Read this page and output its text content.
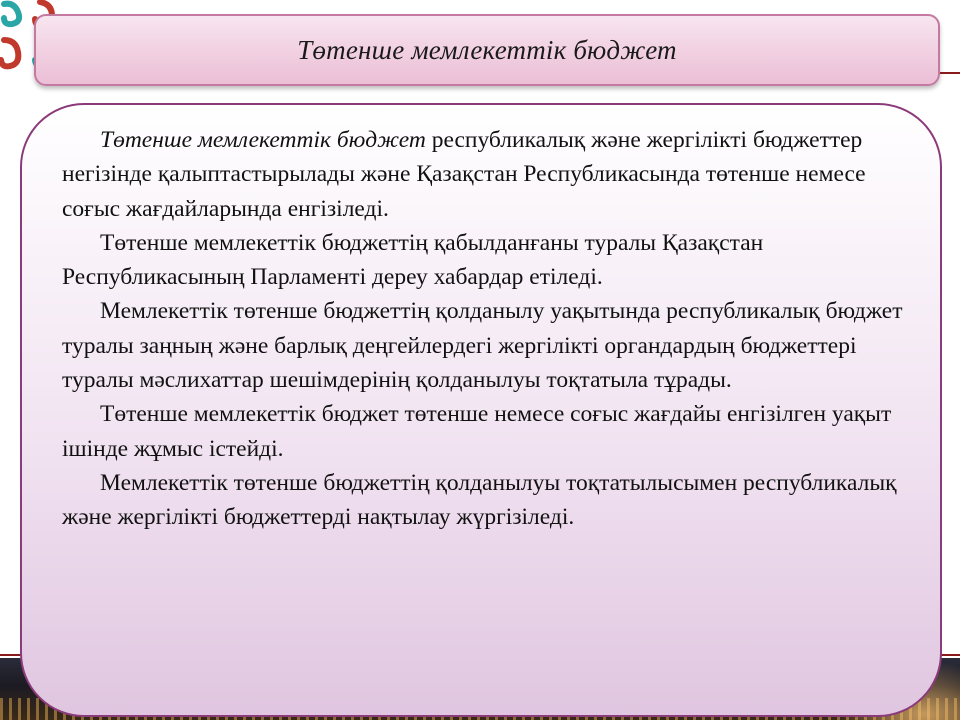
Төтенше мемлекеттік бюджет

Төтенше мемлекеттік бюджет республикалық және жергілікті бюджеттер негізінде қалыптастырылады және Қазақстан Республикасында төтенше немесе соғыс жағдайларында енгізіледі.

Төтенше мемлекеттік бюджеттің қабылданғаны туралы Қазақстан Республикасының Парламенті дереу хабардар етіледі.

Мемлекеттік төтенше бюджеттің қолданылу уақытында республикалық бюджет туралы заңның және барлық деңгейлердегі жергілікті органдардың бюджеттері туралы мәслихаттар шешімдерінің қолданылуы тоқтатыла тұрады.

Төтенше мемлекеттік бюджет төтенше немесе соғыс жағдайы енгізілген уақыт ішінде жұмыс істейді.

Мемлекеттік төтенше бюджеттің қолданылуы тоқтатылысымен республикалық және жергілікті бюджеттерді нақтылау жүргізіледі.
